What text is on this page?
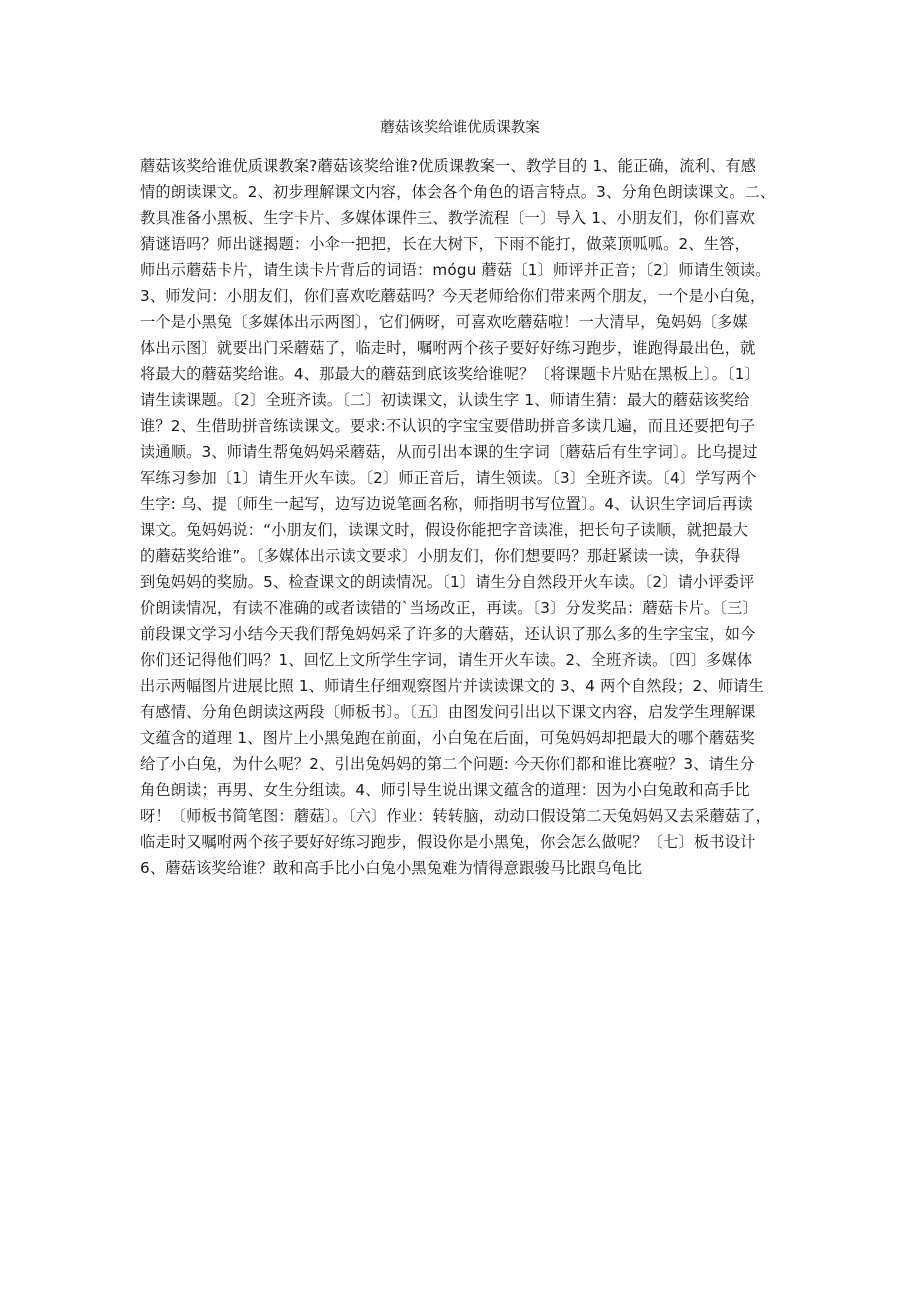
蘑菇该奖给谁优质课教案
蘑菇该奖给谁优质课教案?蘑菇该奖给谁?优质课教案一、教学目的 1、能正确，流利、有感
情的朗读课文。2、初步理解课文内容，体会各个角色的语言特点。3、分角色朗读课文。二、
教具准备小黑板、生字卡片、多媒体课件三、教学流程〔一〕导入 1、小朋友们，你们喜欢
猜谜语吗？师出谜揭题：小伞一把把，长在大树下，下雨不能打，做菜顶呱呱。2、生答，
师出示蘑菇卡片，请生读卡片背后的词语：mógu 蘑菇〔1〕师评并正音；〔2〕师请生领读。
3、师发问：小朋友们，你们喜欢吃蘑菇吗？今天老师给你们带来两个朋友，一个是小白兔，
一个是小黑兔〔多媒体出示两图〕，它们俩呀，可喜欢吃蘑菇啦！一大清早，兔妈妈〔多媒
体出示图〕就要出门采蘑菇了，临走时，嘱咐两个孩子要好好练习跑步，谁跑得最出色，就
将最大的蘑菇奖给谁。4、那最大的蘑菇到底该奖给谁呢？〔将课题卡片贴在黑板上〕。〔1〕
请生读课题。〔2〕全班齐读。〔二〕初读课文，认读生字 1、师请生猜：最大的蘑菇该奖给
谁？2、生借助拼音练读课文。要求:不认识的字宝宝要借助拼音多读几遍，而且还要把句子
读通顺。3、师请生帮兔妈妈采蘑菇，从而引出本课的生字词〔蘑菇后有生字词〕。比乌提过
军练习参加〔1〕请生开火车读。〔2〕师正音后，请生领读。〔3〕全班齐读。〔4〕学写两个
生字: 乌、提〔师生一起写，边写边说笔画名称，师指明书写位置〕。4、认识生字词后再读
课文。兔妈妈说：“小朋友们，读课文时，假设你能把字音读准，把长句子读顺，就把最大
的蘑菇奖给谁”。〔多媒体出示读文要求〕小朋友们，你们想要吗？那赶紧读一读，争获得
到兔妈妈的奖励。5、检查课文的朗读情况。〔1〕请生分自然段开火车读。〔2〕请小评委评
价朗读情况，有读不准确的或者读错的`当场改正，再读。〔3〕分发奖品：蘑菇卡片。〔三〕
前段课文学习小结今天我们帮兔妈妈采了许多的大蘑菇，还认识了那么多的生字宝宝，如今
你们还记得他们吗？1、回忆上文所学生字词，请生开火车读。2、全班齐读。〔四〕多媒体
出示两幅图片进展比照 1、师请生仔细观察图片并读读课文的 3、4 两个自然段；2、师请生
有感情、分角色朗读这两段〔师板书〕。〔五〕由图发问引出以下课文内容，启发学生理解课
文蕴含的道理 1、图片上小黑兔跑在前面，小白兔在后面，可兔妈妈却把最大的哪个蘑菇奖
给了小白兔，为什么呢？2、引出兔妈妈的第二个问题: 今天你们都和谁比赛啦？3、请生分
角色朗读；再男、女生分组读。4、师引导生说出课文蕴含的道理：因为小白兔敢和高手比
呀！〔师板书简笔图：蘑菇〕。〔六〕作业：转转脑，动动口假设第二天兔妈妈又去采蘑菇了，
临走时又嘱咐两个孩子要好好练习跑步，假设你是小黑兔，你会怎么做呢？〔七〕板书设计
6、蘑菇该奖给谁？敢和高手比小白兔小黑兔难为情得意跟骏马比跟乌龟比
